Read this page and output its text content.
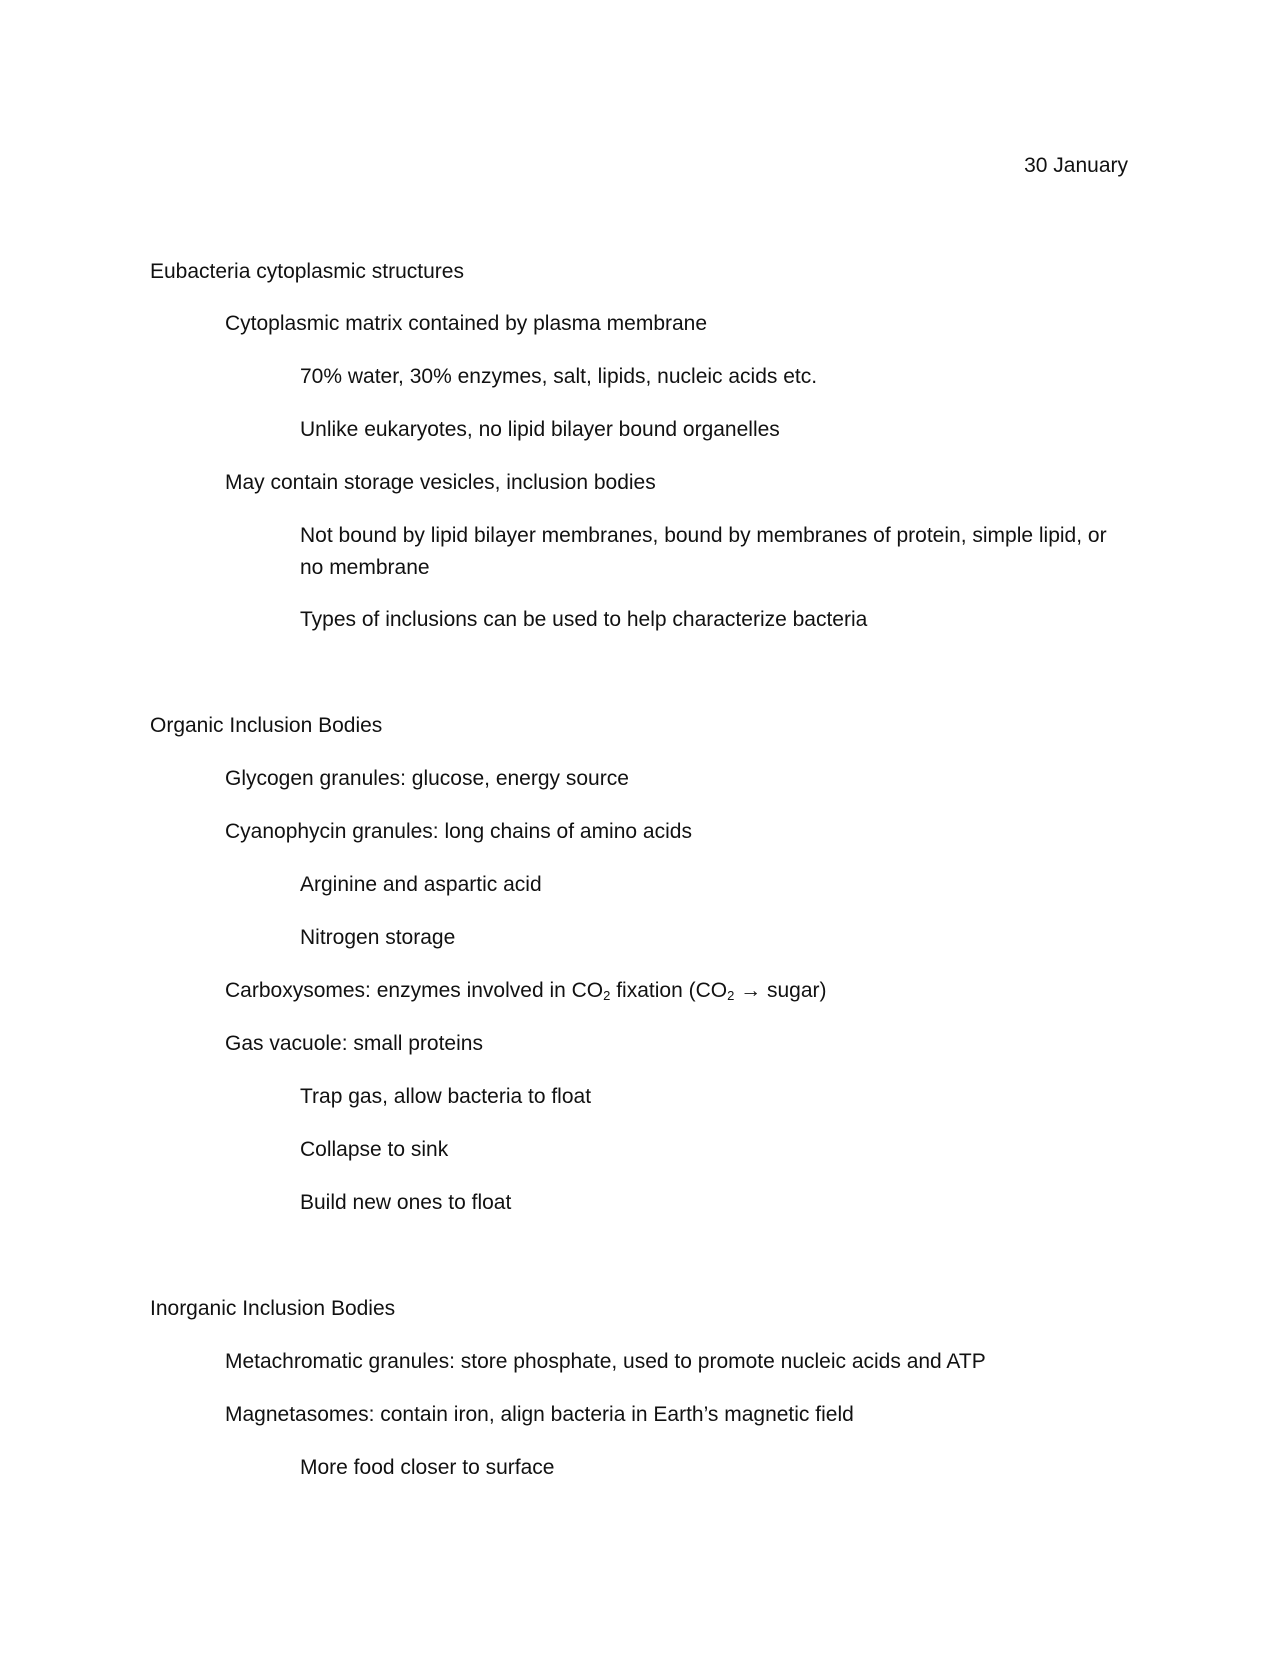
30 January
Eubacteria cytoplasmic structures
Cytoplasmic matrix contained by plasma membrane
70% water, 30% enzymes, salt, lipids, nucleic acids etc.
Unlike eukaryotes, no lipid bilayer bound organelles
May contain storage vesicles, inclusion bodies
Not bound by lipid bilayer membranes, bound by membranes of protein, simple lipid, or no membrane
Types of inclusions can be used to help characterize bacteria
Organic Inclusion Bodies
Glycogen granules: glucose, energy source
Cyanophycin granules: long chains of amino acids
Arginine and aspartic acid
Nitrogen storage
Carboxysomes: enzymes involved in $CO_2$ fixation ($CO_2$ → sugar)
Gas vacuole: small proteins
Trap gas, allow bacteria to float
Collapse to sink
Build new ones to float
Inorganic Inclusion Bodies
Metachromatic granules: store phosphate, used to promote nucleic acids and ATP
Magnetasomes: contain iron, align bacteria in Earth’s magnetic field
More food closer to surface
